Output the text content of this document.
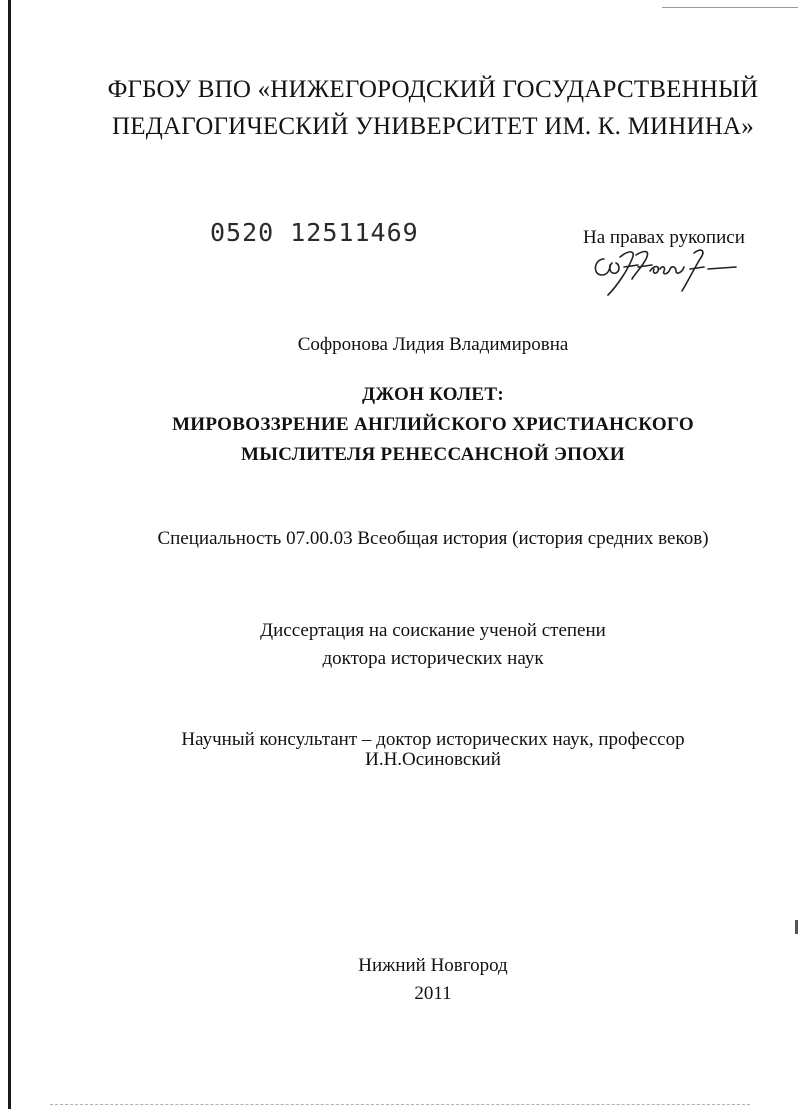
ФГБОУ ВПО «НИЖЕГОРОДСКИЙ ГОСУДАРСТВЕННЫЙ

ПЕДАГОГИЧЕСКИЙ УНИВЕРСИТЕТ ИМ. К. МИНИНА»

0520 12511469	На правах рукописи

Софронова Лидия Владимировна

ДЖОН КОЛЕТ:

МИРОВОЗЗРЕНИЕ АНГЛИЙСКОГО ХРИСТИАНСКОГО

МЫСЛИТЕЛЯ РЕНЕССАНСНОЙ ЭПОХИ

Специальность 07.00.03 Всеобщая история (история средних веков)

Диссертация на соискание ученой степени

доктора исторических наук

Научный консультант – доктор исторических наук, профессор

И.Н.Осиновский

Нижний Новгород

2011
